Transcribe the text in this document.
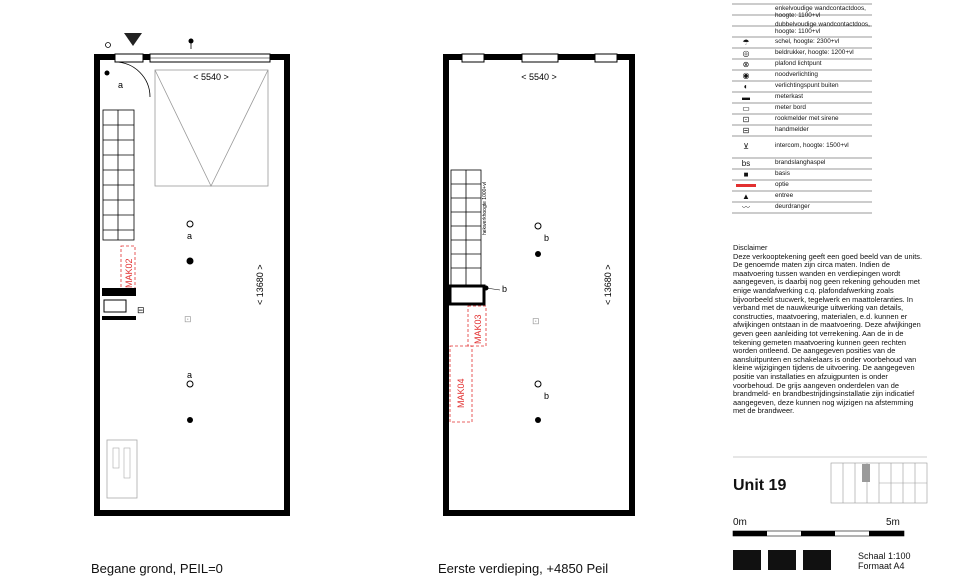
a
< 5540 >
MAK02
⊟
a
⊡
a
< 13680 >
< 5540 >
hekwerkhoogte 1000+vl
b
MAK03
MAK04
b
⊡
b
< 13680 >
enkelvoudige wandcontactdoos, hoogte: 1100+vl
dubbelvoudige wandcontactdoos, hoogte: 1100+vl
☂	schel, hoogte: 2300+vl
◎	beldrukker, hoogte: 1200+vl
⊗	plafond lichtpunt
◉	noodverlichting
◐	verlichtingspunt buiten
▬	meterkast
▭	meter bord
⊡	rookmelder met sirene
⊟	handmelder
⊻	intercom, hoogte: 1500+vl
bs	brandslanghaspel
■	basis
optie
▲	entree
〰	deurdranger

Disclaimer

Deze verkooptekening geeft een goed beeld van de units. De genoemde maten zijn circa maten. Indien de maatvoering tussen wanden en verdiepingen wordt aangegeven, is daarbij nog geen rekening gehouden met enige wandafwerking c.q. plafondafwerking zoals bijvoorbeeld stucwerk, tegelwerk en maattoleranties. In verband met de nauwkeurige uitwerking van details, constructies, maatvoering, materialen, e.d. kunnen er afwijkingen ontstaan in de maatvoering. Deze afwijkingen geven geen aanleiding tot verrekening. Aan de in de tekening gemeten maatvoering kunnen geen rechten worden ontleend. De aangegeven posities van de aansluitpunten en schakelaars is onder voorbehoud van kleine wijzigingen tijdens de uitvoering. De aangegeven positie van installaties en afzuigpunten is onder voorbehoud. De grijs aangeven onderdelen van de brandmeld- en brandbestrijdingsinstallatie zijn indicatief aangegeven, deze kunnen nog wijzigen na afstemming met de brandweer.

Unit 19
0m	5m
Schaal 1:100
Formaat A4
Begane grond, PEIL=0	Eerste verdieping, +4850 Peil
